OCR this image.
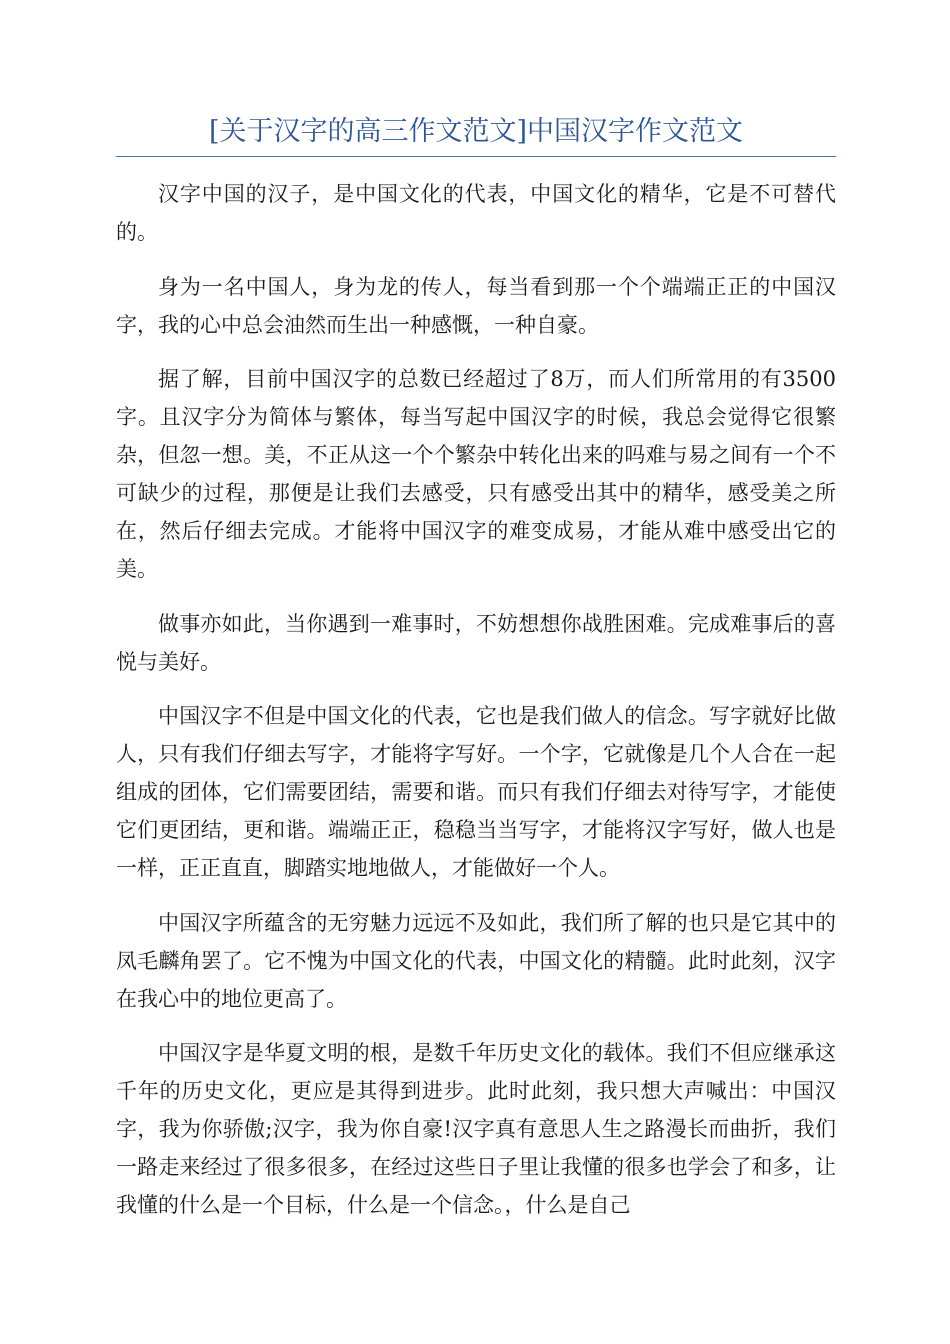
[关于汉字的高三作文范文]中国汉字作文范文

汉字中国的汉子，是中国文化的代表，中国文化的精华，它是不可替代的。

身为一名中国人，身为龙的传人，每当看到那一个个端端正正的中国汉字，我的心中总会油然而生出一种感慨，一种自豪。

据了解，目前中国汉字的总数已经超过了8万，而人们所常用的有3500字。且汉字分为简体与繁体，每当写起中国汉字的时候，我总会觉得它很繁杂，但忽一想。美，不正从这一个个繁杂中转化出来的吗难与易之间有一个不可缺少的过程，那便是让我们去感受，只有感受出其中的精华，感受美之所在，然后仔细去完成。才能将中国汉字的难变成易，才能从难中感受出它的美。

做事亦如此，当你遇到一难事时，不妨想想你战胜困难。完成难事后的喜悦与美好。

中国汉字不但是中国文化的代表，它也是我们做人的信念。写字就好比做人，只有我们仔细去写字，才能将字写好。一个字，它就像是几个人合在一起组成的团体，它们需要团结，需要和谐。而只有我们仔细去对待写字，才能使它们更团结，更和谐。端端正正，稳稳当当写字，才能将汉字写好，做人也是一样，正正直直，脚踏实地地做人，才能做好一个人。

中国汉字所蕴含的无穷魅力远远不及如此，我们所了解的也只是它其中的凤毛麟角罢了。它不愧为中国文化的代表，中国文化的精髓。此时此刻，汉字在我心中的地位更高了。

中国汉字是华夏文明的根，是数千年历史文化的载体。我们不但应继承这千年的历史文化，更应是其得到进步。此时此刻，我只想大声喊出：中国汉字，我为你骄傲;汉字，我为你自豪!汉字真有意思人生之路漫长而曲折，我们一路走来经过了很多很多，在经过这些日子里让我懂的很多也学会了和多，让我懂的什么是一个目标，什么是一个信念。，什么是自己
